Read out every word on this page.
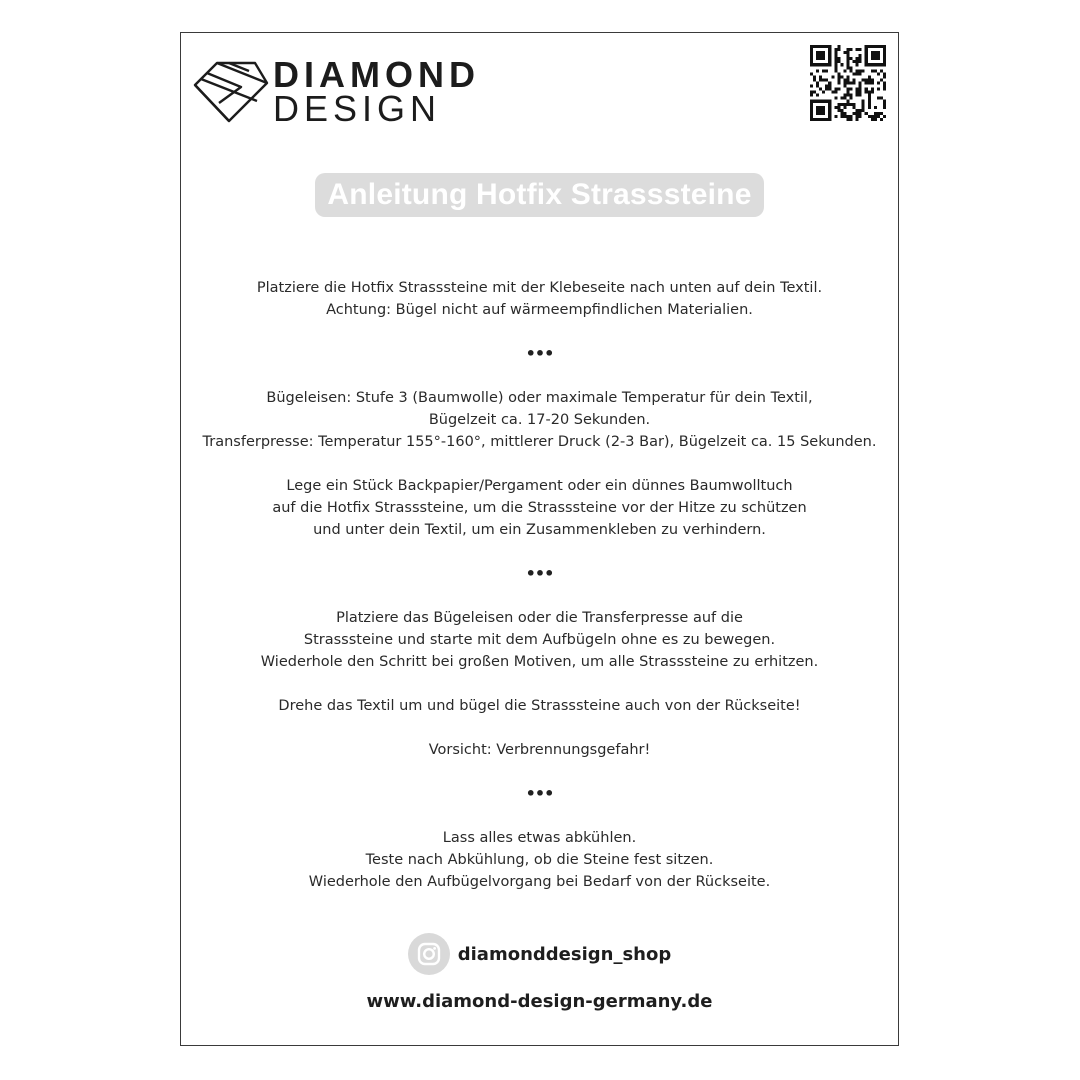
DIAMOND
DESIGN
Anleitung Hotfix Strasssteine

Platziere die Hotfix Strasssteine mit der Klebeseite nach unten auf dein Textil.
Achtung: Bügel nicht auf wärmeempfindlichen Materialien.

•••

Bügeleisen: Stufe 3 (Baumwolle) oder maximale Temperatur für dein Textil,
Bügelzeit ca. 17-20 Sekunden.
Transferpresse: Temperatur 155°-160°, mittlerer Druck (2-3 Bar), Bügelzeit ca. 15 Sekunden.

Lege ein Stück Backpapier/Pergament oder ein dünnes Baumwolltuch
auf die Hotfix Strasssteine, um die Strasssteine vor der Hitze zu schützen
und unter dein Textil, um ein Zusammenkleben zu verhindern.

•••

Platziere das Bügeleisen oder die Transferpresse auf die
Strasssteine und starte mit dem Aufbügeln ohne es zu bewegen.
Wiederhole den Schritt bei großen Motiven, um alle Strasssteine zu erhitzen.

Drehe das Textil um und bügel die Strasssteine auch von der Rückseite!

Vorsicht: Verbrennungsgefahr!

•••

Lass alles etwas abkühlen.
Teste nach Abkühlung, ob die Steine fest sitzen.
Wiederhole den Aufbügelvorgang bei Bedarf von der Rückseite.

diamonddesign_shop
www.diamond-design-germany.de
